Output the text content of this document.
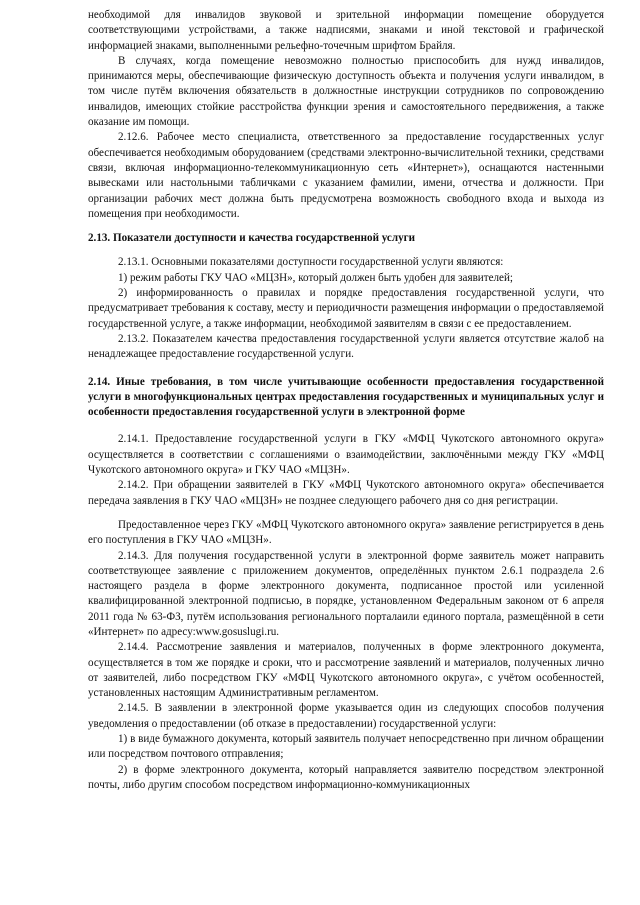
необходимой для инвалидов звуковой и зрительной информации помещение оборудуется соответствующими устройствами, а также надписями, знаками и иной текстовой и графической информацией знаками, выполненными рельефно-точечным шрифтом Брайля.

В случаях, когда помещение невозможно полностью приспособить для нужд инвалидов, принимаются меры, обеспечивающие физическую доступность объекта и получения услуги инвалидом, в том числе путём включения обязательств в должностные инструкции сотрудников по сопровождению инвалидов, имеющих стойкие расстройства функции зрения и самостоятельного передвижения, а также оказание им помощи.

2.12.6. Рабочее место специалиста, ответственного за предоставление государственных услуг обеспечивается необходимым оборудованием (средствами электронно-вычислительной техники, средствами связи, включая информационно-телекоммуникационную сеть «Интернет»), оснащаются настенными вывесками или настольными табличками с указанием фамилии, имени, отчества и должности. При организации рабочих мест должна быть предусмотрена возможность свободного входа и выхода из помещения при необходимости.

2.13. Показатели доступности и качества государственной услуги

2.13.1. Основными показателями доступности государственной услуги являются:

1) режим работы ГКУ ЧАО «МЦЗН», который должен быть удобен для заявителей;

2) информированность о правилах и порядке предоставления государственной услуги, что предусматривает требования к составу, месту и периодичности размещения информации о предоставляемой государственной услуге, а также информации, необходимой заявителям в связи с ее предоставлением.

2.13.2. Показателем качества предоставления государственной услуги является отсутствие жалоб на ненадлежащее предоставление государственной услуги.

2.14. Иные требования, в том числе учитывающие особенности предоставления государственной услуги в многофункциональных центрах предоставления государственных и муниципальных услуг и особенности предоставления государственной услуги в электронной форме

2.14.1. Предоставление государственной услуги в ГКУ «МФЦ Чукотского автономного округа» осуществляется в соответствии с соглашениями о взаимодействии, заключёнными между ГКУ «МФЦ Чукотского автономного округа» и ГКУ ЧАО «МЦЗН».

2.14.2. При обращении заявителей в ГКУ «МФЦ Чукотского автономного округа» обеспечивается передача заявления в ГКУ ЧАО «МЦЗН» не позднее следующего рабочего дня со дня регистрации.

Предоставленное через ГКУ «МФЦ Чукотского автономного округа» заявление регистрируется в день его поступления в ГКУ ЧАО «МЦЗН».

2.14.3. Для получения государственной услуги в электронной форме заявитель может направить соответствующее заявление с приложением документов, определённых пунктом 2.6.1 подраздела 2.6 настоящего раздела в форме электронного документа, подписанное простой или усиленной квалифицированной электронной подписью, в порядке, установленном Федеральным законом от 6 апреля 2011 года № 63-ФЗ, путём использования регионального порталаили единого портала, размещённой в сети «Интернет» по адресу:www.gosuslugi.ru.

2.14.4. Рассмотрение заявления и материалов, полученных в форме электронного документа, осуществляется в том же порядке и сроки, что и рассмотрение заявлений и материалов, полученных лично от заявителей, либо посредством ГКУ «МФЦ Чукотского автономного округа», с учётом особенностей, установленных настоящим Административным регламентом.

2.14.5. В заявлении в электронной форме указывается один из следующих способов получения уведомления о предоставлении (об отказе в предоставлении) государственной услуги:

1) в виде бумажного документа, который заявитель получает непосредственно при личном обращении или посредством почтового отправления;

2) в форме электронного документа, который направляется заявителю посредством электронной почты, либо другим способом посредством информационно-коммуникационных
